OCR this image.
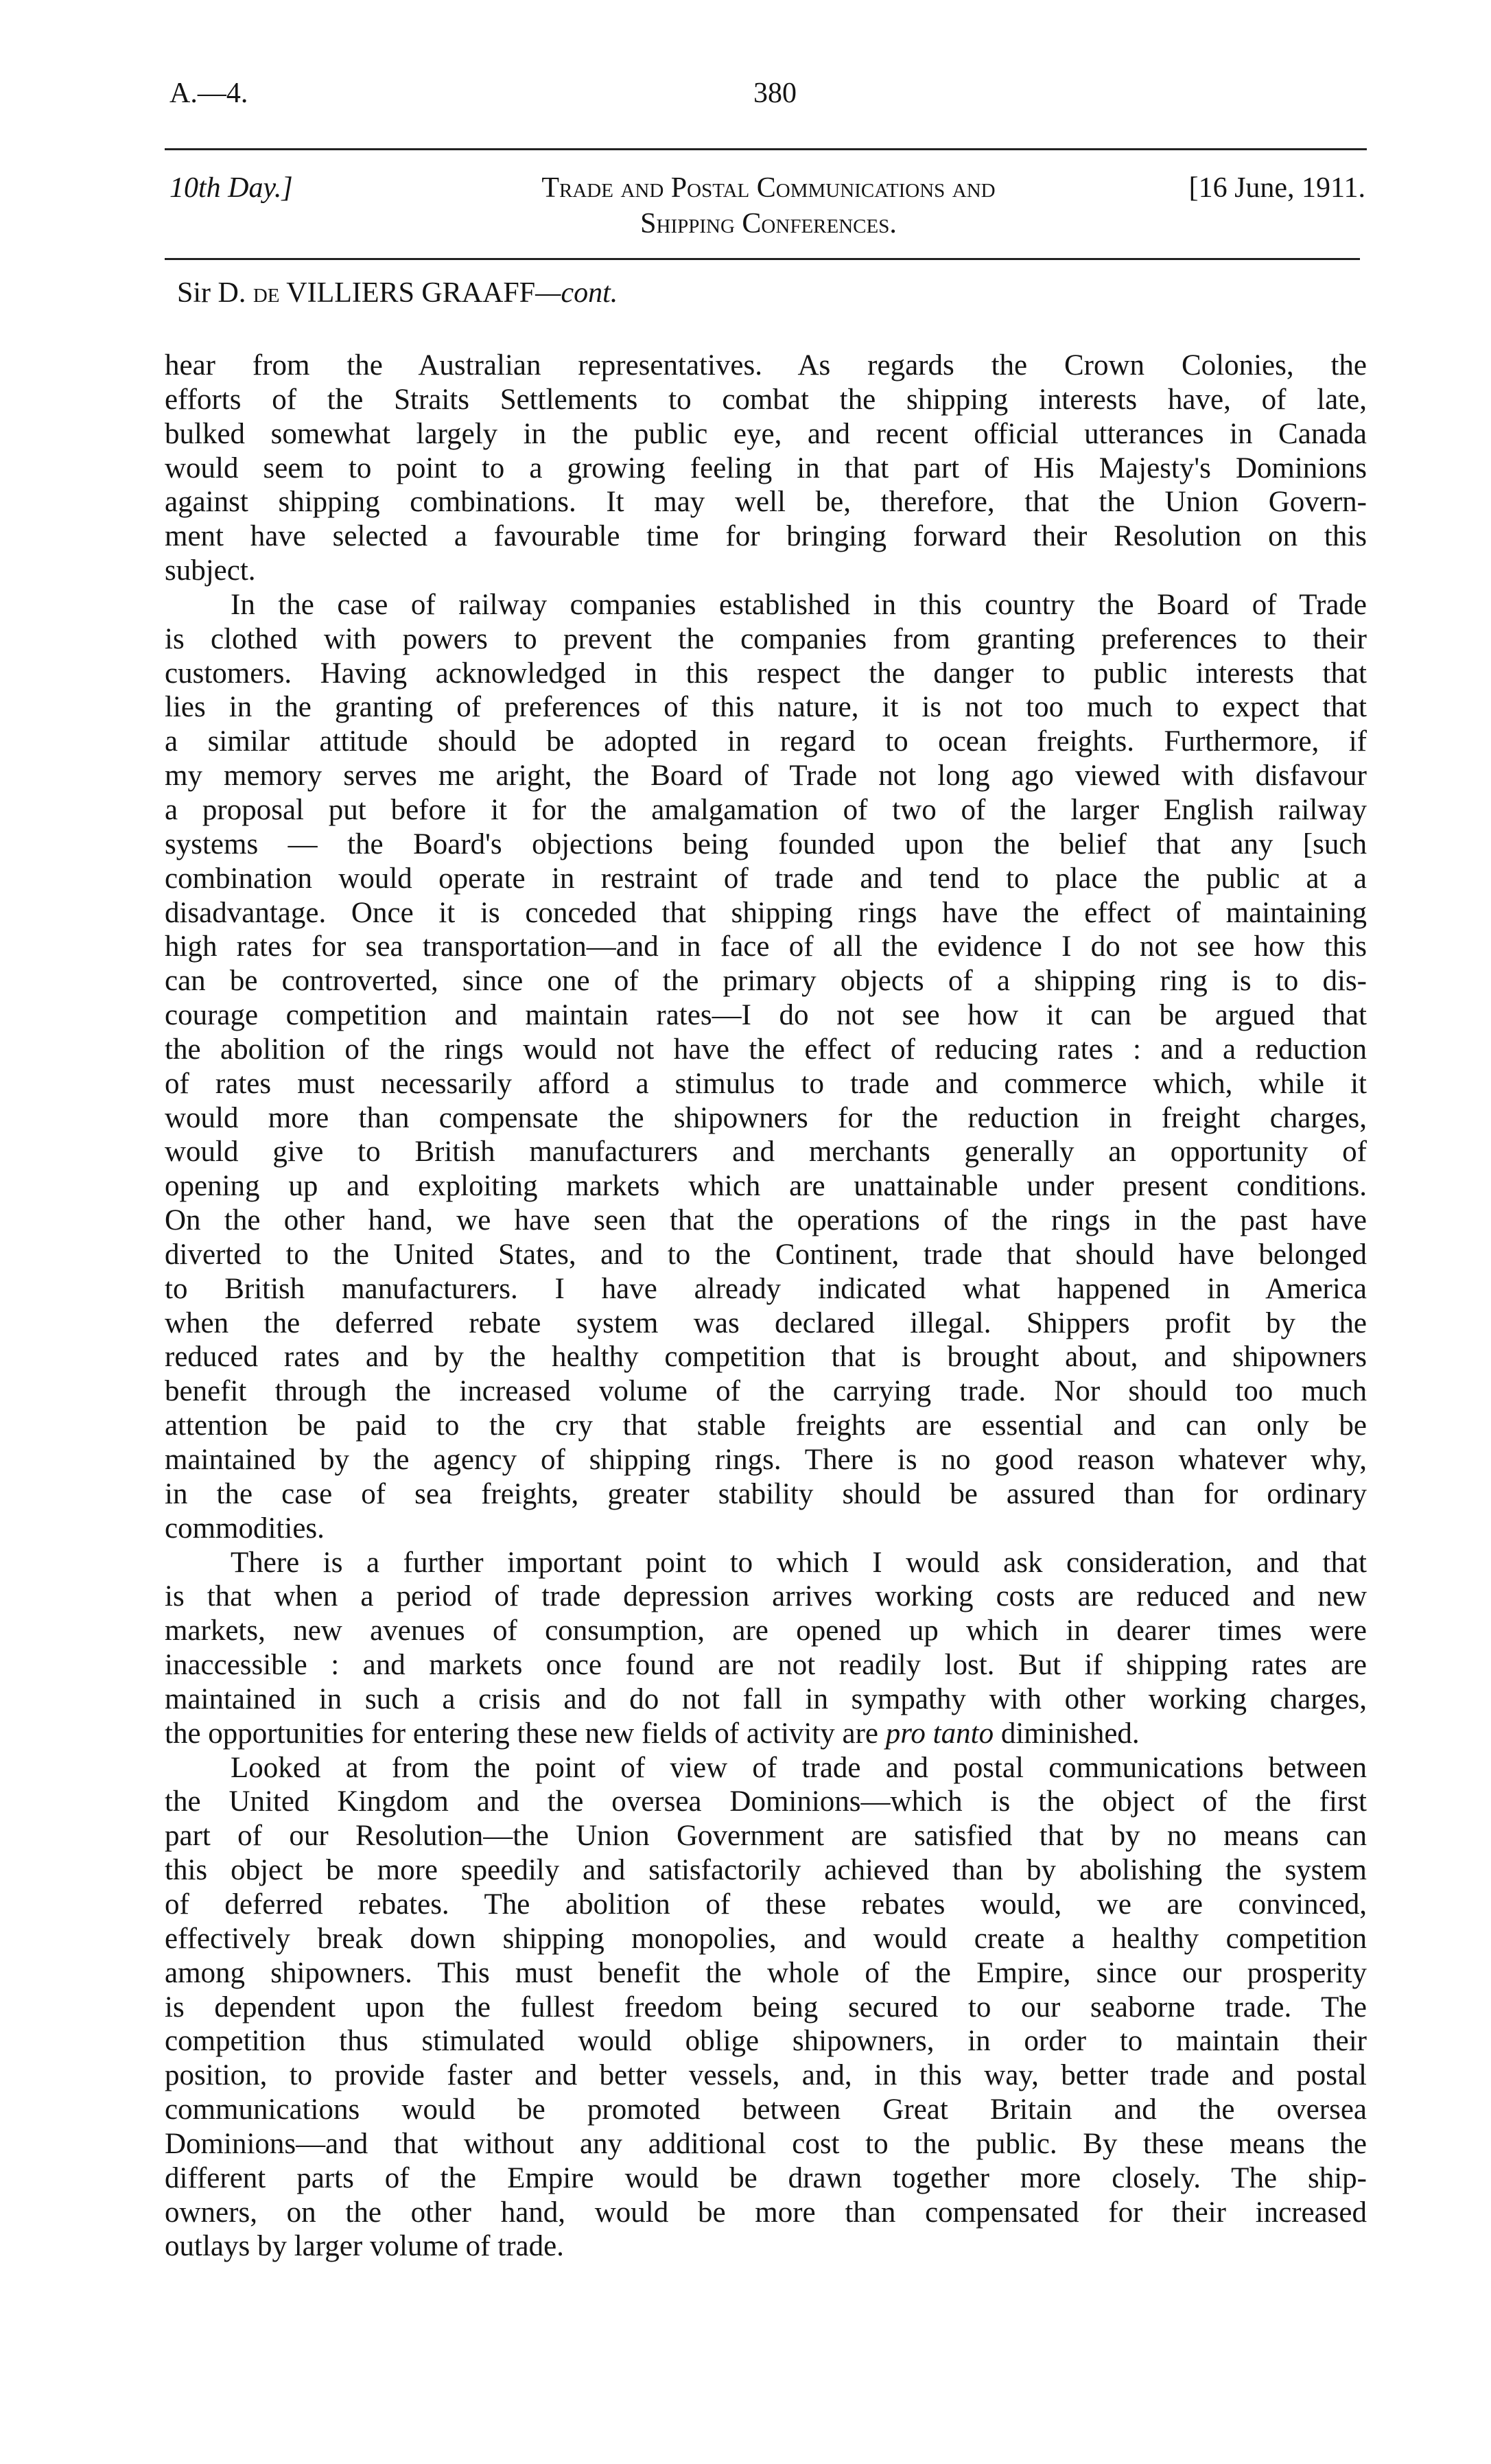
A.—4.	380
10th Day.]	Trade and Postal Communications and
Shipping Conferences.
[16 June, 1911.
Sir D. de VILLIERS GRAAFF—cont.
hear from the Australian representatives. As regards the Crown Colonies, the
efforts of the Straits Settlements to combat the shipping interests have, of late,
bulked somewhat largely in the public eye, and recent official utterances in Canada
would seem to point to a growing feeling in that part of His Majesty's Dominions
against shipping combinations. It may well be, therefore, that the Union Govern-
ment have selected a favourable time for bringing forward their Resolution on this
subject.
In the case of railway companies established in this country the Board of Trade
is clothed with powers to prevent the companies from granting preferences to their
customers. Having acknowledged in this respect the danger to public interests that
lies in the granting of preferences of this nature, it is not too much to expect that
a similar attitude should be adopted in regard to ocean freights. Furthermore, if
my memory serves me aright, the Board of Trade not long ago viewed with disfavour
a proposal put before it for the amalgamation of two of the larger English railway
systems — the Board's objections being founded upon the belief that any [such
combination would operate in restraint of trade and tend to place the public at a
disadvantage. Once it is conceded that shipping rings have the effect of maintaining
high rates for sea transportation—and in face of all the evidence I do not see how this
can be controverted, since one of the primary objects of a shipping ring is to dis-
courage competition and maintain rates—I do not see how it can be argued that
the abolition of the rings would not have the effect of reducing rates : and a reduction
of rates must necessarily afford a stimulus to trade and commerce which, while it
would more than compensate the shipowners for the reduction in freight charges,
would give to British manufacturers and merchants generally an opportunity of
opening up and exploiting markets which are unattainable under present conditions.
On the other hand, we have seen that the operations of the rings in the past have
diverted to the United States, and to the Continent, trade that should have belonged
to British manufacturers. I have already indicated what happened in America
when the deferred rebate system was declared illegal. Shippers profit by the
reduced rates and by the healthy competition that is brought about, and shipowners
benefit through the increased volume of the carrying trade. Nor should too much
attention be paid to the cry that stable freights are essential and can only be
maintained by the agency of shipping rings. There is no good reason whatever why,
in the case of sea freights, greater stability should be assured than for ordinary
commodities.
There is a further important point to which I would ask consideration, and that
is that when a period of trade depression arrives working costs are reduced and new
markets, new avenues of consumption, are opened up which in dearer times were
inaccessible : and markets once found are not readily lost. But if shipping rates are
maintained in such a crisis and do not fall in sympathy with other working charges,
the opportunities for entering these new fields of activity are pro tanto diminished.
Looked at from the point of view of trade and postal communications between
the United Kingdom and the oversea Dominions—which is the object of the first
part of our Resolution—the Union Government are satisfied that by no means can
this object be more speedily and satisfactorily achieved than by abolishing the system
of deferred rebates. The abolition of these rebates would, we are convinced,
effectively break down shipping monopolies, and would create a healthy competition
among shipowners. This must benefit the whole of the Empire, since our prosperity
is dependent upon the fullest freedom being secured to our seaborne trade. The
competition thus stimulated would oblige shipowners, in order to maintain their
position, to provide faster and better vessels, and, in this way, better trade and postal
communications would be promoted between Great Britain and the oversea
Dominions—and that without any additional cost to the public. By these means the
different parts of the Empire would be drawn together more closely. The ship-
owners, on the other hand, would be more than compensated for their increased
outlays by larger volume of trade.
